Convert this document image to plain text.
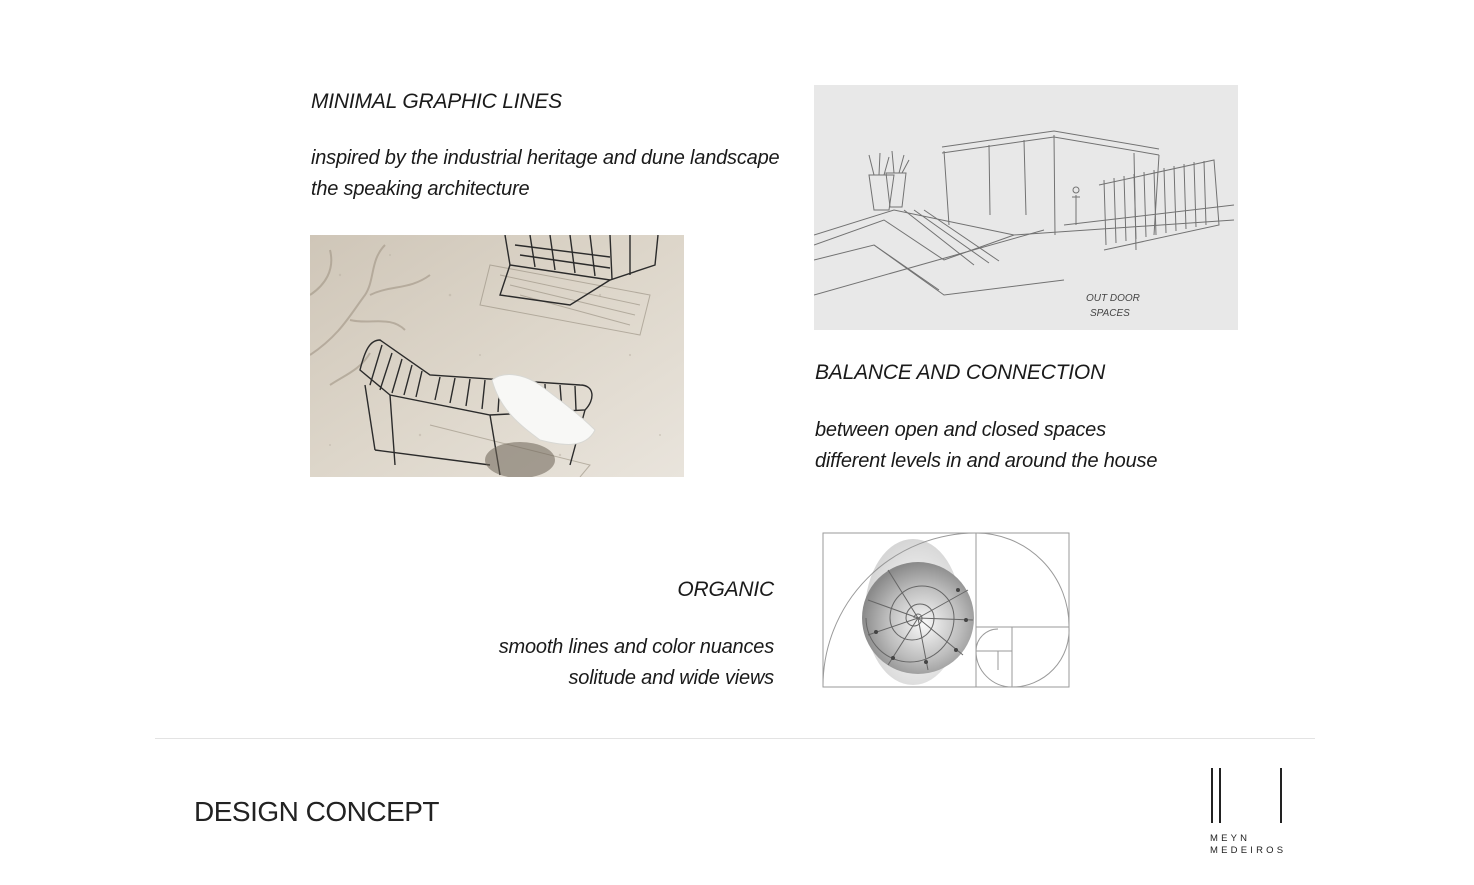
MINIMAL GRAPHIC LINES
inspired by the industrial heritage and dune landscape
the speaking architecture
OUT DOOR
SPACES
BALANCE AND CONNECTION
between open and closed spaces
different levels in and around the house
ORGANIC
smooth lines and color nuances
solitude and wide views
DESIGN CONCEPT
MEYN
MEDEIROS
